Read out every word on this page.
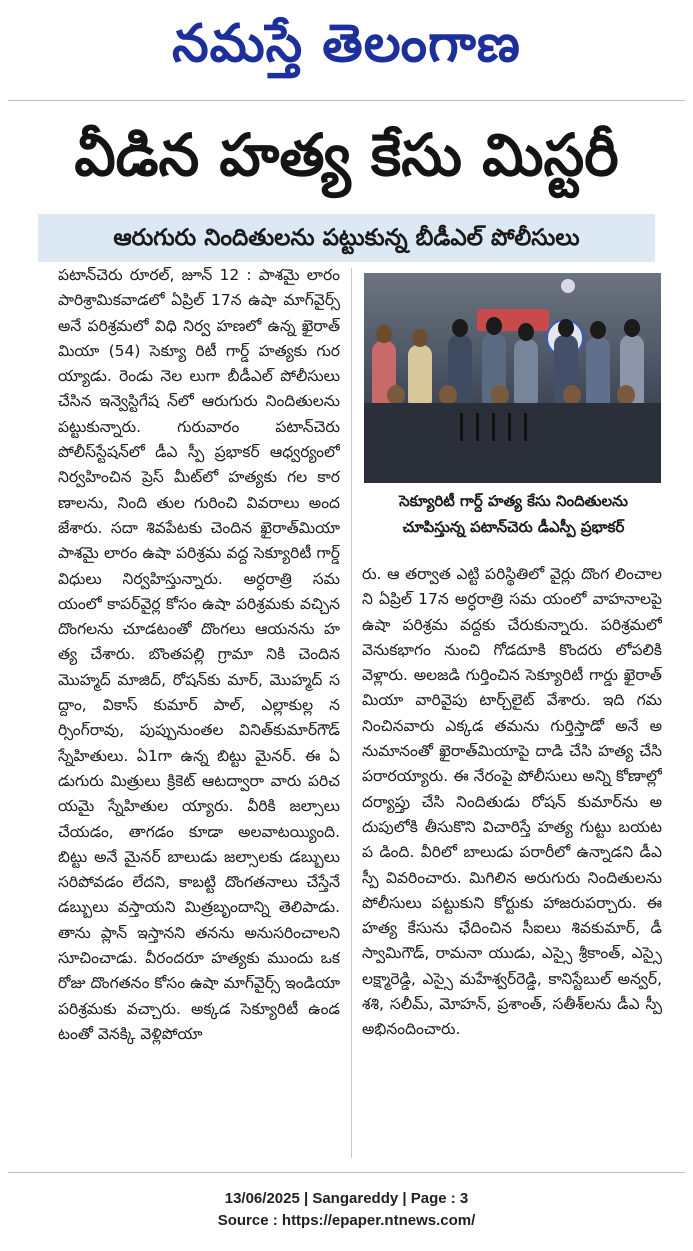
నమస్తే తెలంగాణ
వీడిన హత్య కేసు మిస్టరీ
ఆరుగురు నిందితులను పట్టుకున్న బీడీఎల్ పోలీసులు
పటాన్‌చెరు రూరల్, జూన్ 12 : పాశమై లారం పారిశ్రామికవాడలో ఏప్రిల్ 17న ఉషా మాగ్‌వైర్స్ అనే పరిశ్రమలో విధి నిర్వ హణలో ఉన్న ఖైరాత్ మియా (54) సెక్యూ రిటీ గార్డ్ హత్యకు గురయ్యాడు. రెండు నెల లుగా బీడీఎల్ పోలీసులు చేసిన ఇన్వెస్టిగేష న్‌లో ఆరుగురు నిందితులను పట్టుకున్నారు. గురువారం పటాన్‌చెరు పోలీస్‌స్టేషన్‌లో డీఎ స్పీ ప్రభాకర్ ఆధ్వర్యంలో నిర్వహించిన ప్రెస్ మీట్‌లో హత్యకు గల కారణాలను, నింది తుల గురించి వివరాలు అందజేశారు. సదా శివపేటకు చెందిన ఖైరాత్‌మియా పాశమై లారం ఉషా పరిశ్రమ వద్ద సెక్యూరిటీ గార్డ్ విధులు నిర్వహిస్తున్నారు. అర్ధరాత్రి సమ యంలో కాపర్‌వైర్ల కోసం ఉషా పరిశ్రమకు వచ్చిన దొంగలను చూడటంతో దొంగలు ఆయనను హత్య చేశారు. బొంతపల్లి గ్రామా నికి చెందిన మొహ్మద్ మాజిద్, రోషన్‌కు మార్, మొహ్మద్ సద్దాం, వికాస్ కుమార్ పాల్, ఎల్లాకుల్ల నర్సింగ్‌రావు, పుప్పునుంతల వినిత్‌కుమార్‌గౌడ్ స్నేహితులు. ఏ1గా ఉన్న బిట్టు మైనర్. ఈ ఏడుగురు మిత్రులు క్రికెట్ ఆటద్వారా వారు పరిచయమై స్నేహితుల య్యారు. వీరికి జల్సాలు చేయడం, తాగడం కూడా అలవాటయ్యింది. బిట్టు అనే మైనర్ బాలుడు జల్సాలకు డబ్బులు సరిపోవడం లేదని, కాబట్టి దొంగతనాలు చేస్తేనే డబ్బులు వస్తాయని మిత్రబృందాన్ని తెలిపాడు. తాను ప్లాన్ ఇస్తానని తనను అనుసరించాలని సూచించాడు. వీరందరూ హత్యకు ముందు ఒక రోజు దొంగతనం కోసం ఉషా మాగ్‌వైర్స్ ఇండియా పరిశ్రమకు వచ్చారు. అక్కడ సెక్యూరిటీ ఉండటంతో వెనక్కి వెళ్లిపోయా
సెక్యూరిటీ గార్ద్ హత్య కేసు నిందితులను
చూపిస్తున్న పటాన్‌చెరు డీఎస్పీ ప్రభాకర్
రు. ఆ తర్వాత ఎట్టి పరిస్థితిలో వైర్లు దొంగ లించాలని ఏప్రిల్ 17న అర్ధరాత్రి సమ యంలో వాహనాలపై ఉషా పరిశ్రమ వద్దకు చేరుకున్నారు. పరిశ్రమలో వెనుకభాగం నుంచి గోడదూకి కొందరు లోపలికి వెళ్లారు. అలజడి గుర్తించిన సెక్యూరిటీ గార్డు ఖైరాత్ మియా వారివైపు టార్చ్‌లైట్ వేశారు. ఇది గమనించినవారు ఎక్కడ తమను గుర్తిస్తాడో అనే అనుమానంతో ఖైరాత్‌మియాపై దాడి చేసి హత్య చేసి పరారయ్యారు. ఈ నేరంపై పోలీసులు అన్ని కోణాల్లో దర్యాప్తు చేసి నిందితుడు రోషన్ కుమార్‌ను అదుపులోకి తీసుకొని విచారిస్తే హత్య గుట్టు బయటప డింది. వీరిలో బాలుడు పరారీలో ఉన్నాడని డీఎస్పీ వివరించారు. మిగిలిన అరుగురు నిందితులను పోలీసులు పట్టుకుని కోర్టుకు హాజరుపర్చారు. ఈ హత్య కేసును ఛేదించిన సీఐలు శివకుమార్, డీ స్వామిగౌడ్, రామనా యుడు, ఎస్సై శ్రీకాంత్, ఎస్సై లక్ష్మారెడ్డి, ఎస్సై మహేశ్వర్‌రెడ్డి, కానిస్టేబుల్ అన్వర్, శశి, సలీమ్, మోహన్, ప్రశాంత్, సతీశ్‌లను డీఎ స్పీ అభినందించారు.
13/06/2025 | Sangareddy | Page : 3
Source : https://epaper.ntnews.com/
